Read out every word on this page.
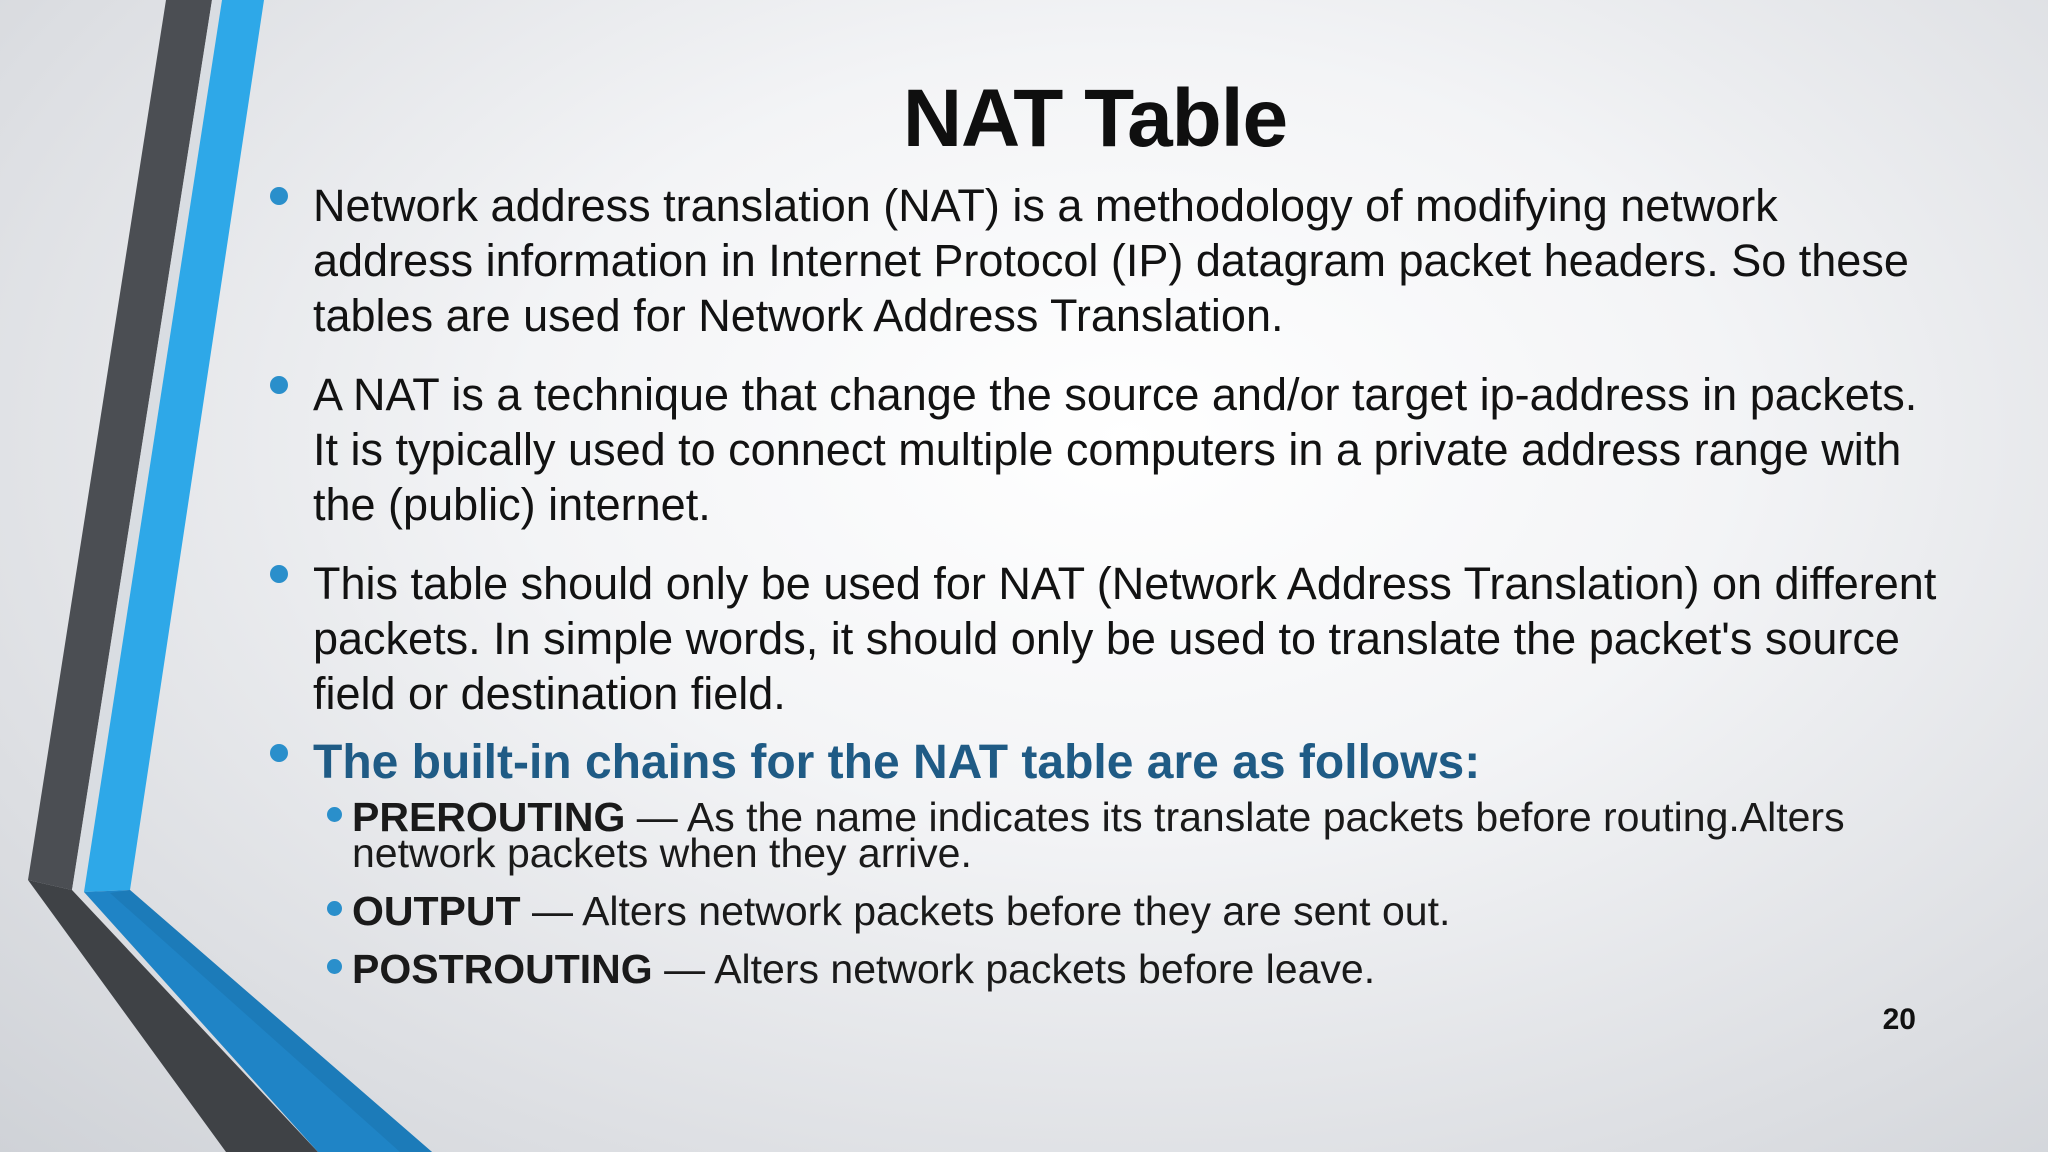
NAT Table
Network address translation (NAT) is a methodology of modifying network address information in Internet Protocol (IP) datagram packet headers. So these tables are used for Network Address Translation.
A NAT is a technique that change the source and/or target ip-address in packets. It is typically used to connect multiple computers in a private address range with the (public) internet.
This table should only be used for NAT (Network Address Translation) on different packets. In simple words, it should only be used to translate the packet's source field or destination field.
The built-in chains for the NAT table are as follows:
PREROUTING — As the name indicates its translate packets before routing.Alters network packets when they arrive.
OUTPUT — Alters network packets before they are sent out.
POSTROUTING — Alters network packets before leave.
20
